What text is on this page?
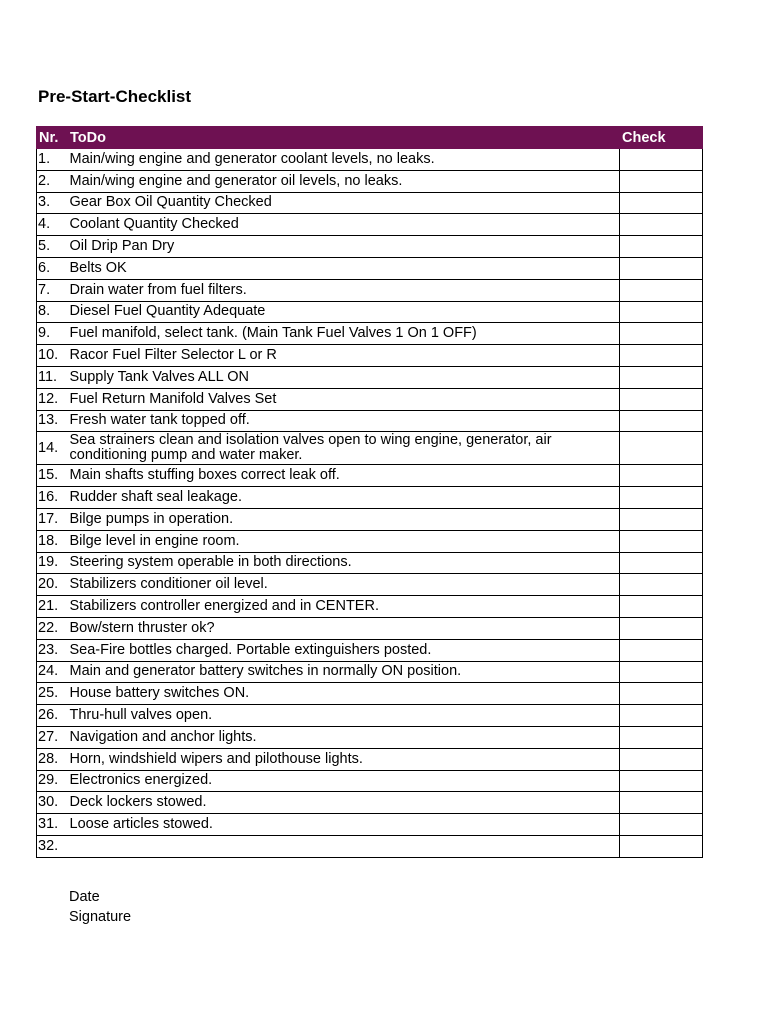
Pre-Start-Checklist
Nr.	ToDo	Check
1.	Main/wing engine and generator coolant levels, no leaks.	
2.	Main/wing engine and generator oil levels, no leaks.	
3.	Gear Box Oil Quantity Checked	
4.	Coolant Quantity Checked	
5.	Oil Drip Pan Dry	
6.	Belts OK	
7.	Drain water from fuel filters.	
8.	Diesel Fuel Quantity Adequate	
9.	Fuel manifold, select tank. (Main Tank Fuel Valves 1 On 1 OFF)	
10.	Racor Fuel Filter Selector L or R	
11.	Supply Tank Valves ALL ON	
12.	Fuel Return Manifold Valves Set	
13.	Fresh water tank topped off.	
14.	Sea strainers clean and isolation valves open to wing engine, generator, air conditioning pump and water maker.	
15.	Main shafts stuffing boxes correct leak off.	
16.	Rudder shaft seal leakage.	
17.	Bilge pumps in operation.	
18.	Bilge level in engine room.	
19.	Steering system operable in both directions.	
20.	Stabilizers conditioner oil level.	
21.	Stabilizers controller energized and in CENTER.	
22.	Bow/stern thruster ok?	
23.	Sea-Fire bottles charged. Portable extinguishers posted.	
24.	Main and generator battery switches in normally ON position.	
25.	House battery switches ON.	
26.	Thru-hull valves open.	
27.	Navigation and anchor lights.	
28.	Horn, windshield wipers and pilothouse lights.	
29.	Electronics energized.	
30.	Deck lockers stowed.	
31.	Loose articles stowed.	
32.		
Date
Signature
